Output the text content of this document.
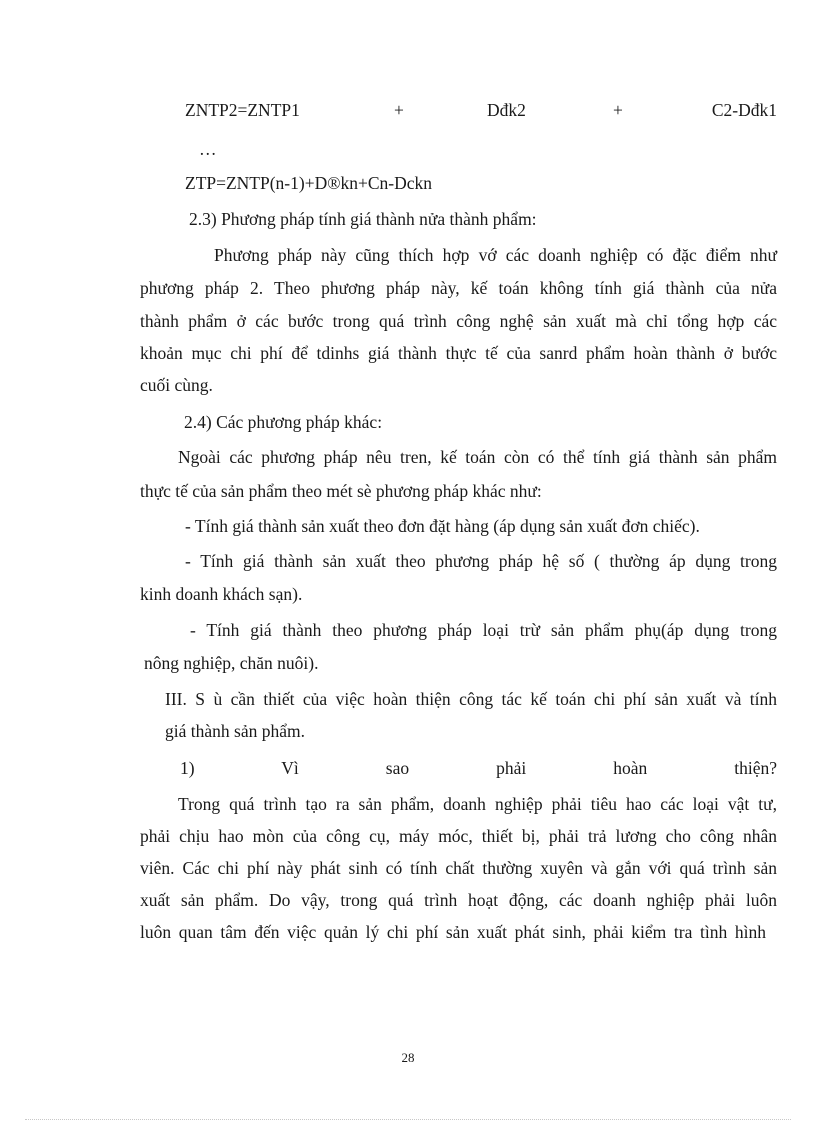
ZNTP2=ZNTP1	+	Dđk2	+	C2-Dđk1
…
ZTP=ZNTP(n-1)+D®kn+Cn-Dckn
2.3) Phương pháp tính giá thành nửa thành phẩm:
Phương pháp này cũng thích hợp vớ các doanh nghiệp có đặc điểm như
phương pháp 2. Theo phương pháp này, kế toán không tính giá thành của nửa
thành phẩm ở các bước trong quá trình công nghệ sản xuất mà chỉ tổng hợp các
khoản mục chi phí để tdinhs giá thành thực tế của sanrd phẩm hoàn thành ở bước
cuối cùng.
2.4) Các phương pháp khác:
Ngoài các phương pháp nêu tren, kế toán còn có thể tính giá thành sản phẩm
thực tế của sản phẩm theo mét sè phương pháp khác như:
- Tính giá thành sản xuất theo đơn đặt hàng (áp dụng sản xuất đơn chiếc).
- Tính giá thành sản xuất theo phương pháp hệ số ( thường áp dụng trong
kinh doanh khách sạn).
- Tính giá thành theo phương pháp loại trừ sản phẩm phụ(áp dụng trong
nông nghiệp, chăn nuôi).
III. S ù cần thiết của việc hoàn thiện công tác kế toán chi phí sản xuất và tính
giá thành sản phẩm.
1) Vì sao phải hoàn thiện?
Trong quá trình tạo ra sản phẩm, doanh nghiệp phải tiêu hao các loại vật tư,
phải chịu hao mòn của công cụ, máy móc, thiết bị, phải trả lương cho công nhân
viên. Các chi phí này phát sinh có tính chất thường xuyên và gắn với quá trình sản
xuất sản phẩm. Do vậy, trong quá trình hoạt động, các doanh nghiệp phải luôn
luôn quan tâm đến việc quản lý chi phí sản xuất phát sinh, phải kiểm tra tình hình
28
